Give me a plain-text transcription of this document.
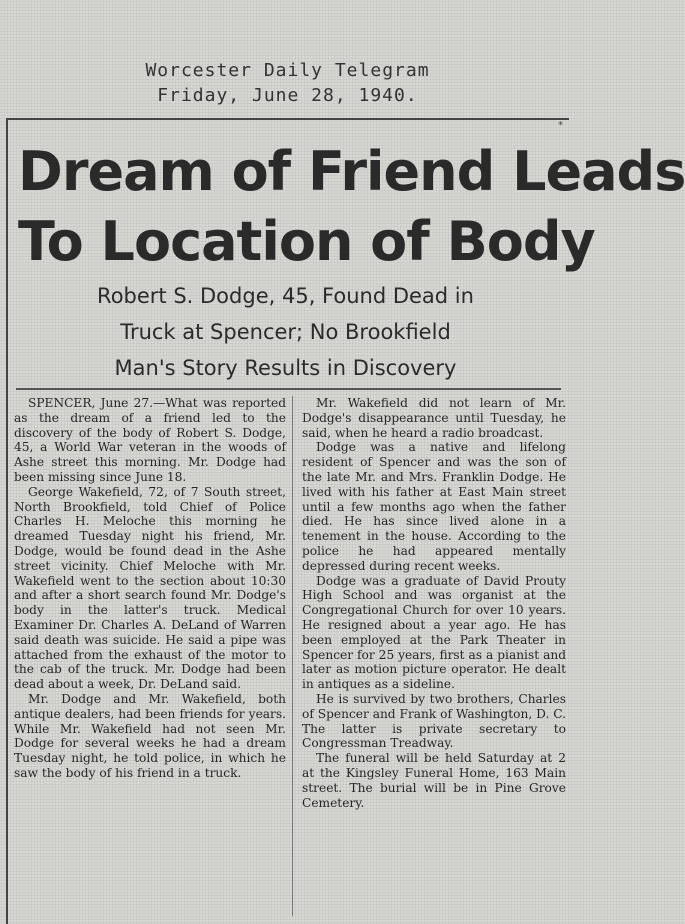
Worcester Daily Telegram
Friday, June 28, 1940.
*
Dream of Friend Leads
To Location of Body
Robert S. Dodge, 45, Found Dead in
Truck at Spencer; No Brookfield
Man's Story Results in Discovery

SPENCER, June 27.—What was reported as the dream of a friend led to the discovery of the body of Robert S. Dodge, 45, a World War veteran in the woods of Ashe street this morning. Mr. Dodge had been missing since June 18.

George Wakefield, 72, of 7 South street, North Brookfield, told Chief of Police Charles H. Meloche this morning he dreamed Tuesday night his friend, Mr. Dodge, would be found dead in the Ashe street vicinity. Chief Meloche with Mr. Wakefield went to the section about 10:30 and after a short search found Mr. Dodge's body in the latter's truck. Medical Examiner Dr. Charles A. DeLand of Warren said death was suicide. He said a pipe was attached from the exhaust of the motor to the cab of the truck. Mr. Dodge had been dead about a week, Dr. DeLand said.

Mr. Dodge and Mr. Wakefield, both antique dealers, had been friends for years. While Mr. Wakefield had not seen Mr. Dodge for several weeks he had a dream Tuesday night, he told police, in which he saw the body of his friend in a truck.

Mr. Wakefield did not learn of Mr. Dodge's disappearance until Tuesday, he said, when he heard a radio broadcast.

Dodge was a native and lifelong resident of Spencer and was the son of the late Mr. and Mrs. Franklin Dodge. He lived with his father at East Main street until a few months ago when the father died. He has since lived alone in a tenement in the house. According to the police he had appeared mentally depressed during recent weeks.

Dodge was a graduate of David Prouty High School and was organist at the Congregational Church for over 10 years. He resigned about a year ago. He has been employed at the Park Theater in Spencer for 25 years, first as a pianist and later as motion picture operator. He dealt in antiques as a sideline.

He is survived by two brothers, Charles of Spencer and Frank of Washington, D. C. The latter is private secretary to Congressman Treadway.

The funeral will be held Saturday at 2 at the Kingsley Funeral Home, 163 Main street. The burial will be in Pine Grove Cemetery.
